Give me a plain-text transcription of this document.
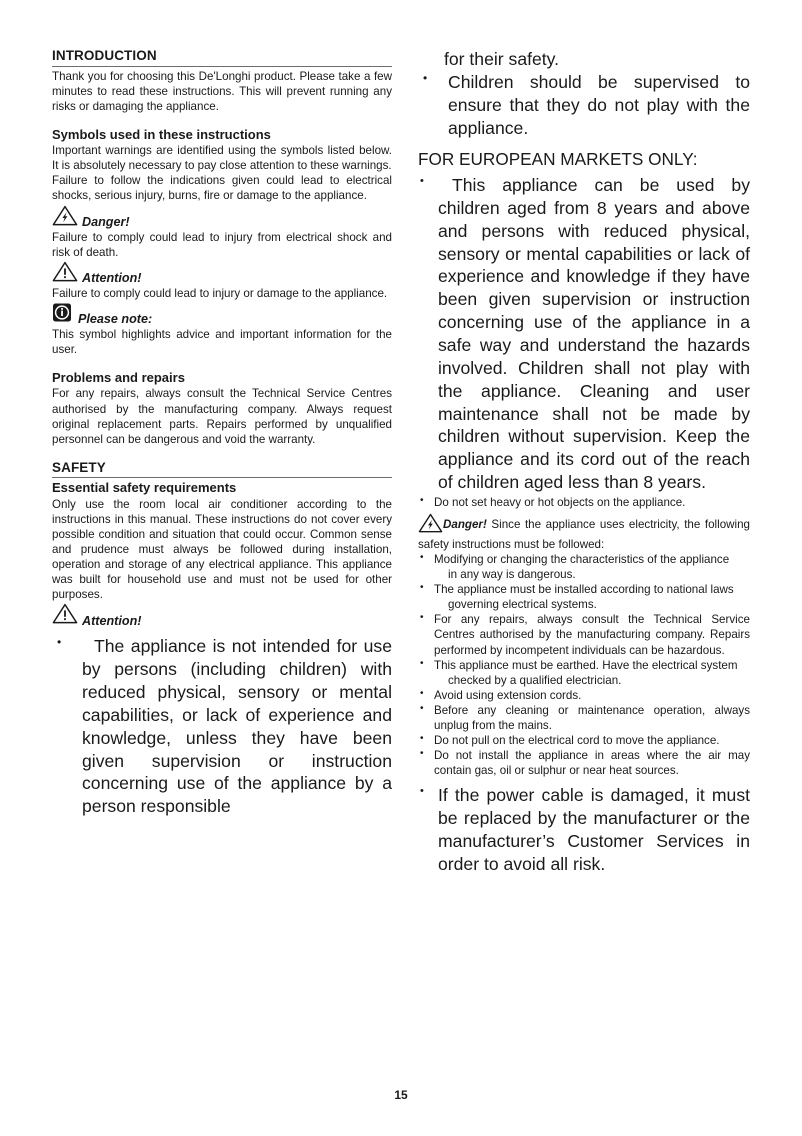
INTRODUCTION
Thank you for choosing this De'Longhi product. Please take a few minutes to read these instructions. This will prevent running any risks or damaging the appliance.
Symbols used in these instructions
Important warnings are identified using the symbols listed below. It is absolutely necessary to pay close attention to these warnings.
Failure to follow the indications given could lead to electrical shocks, serious injury, burns, fire or damage to the appliance.
Danger!
Failure to comply could lead to injury from electrical shock and risk of death.
Attention!
Failure to comply could lead to injury or damage to the appliance.
Please note:
This symbol highlights advice and important information for the user.
Problems and repairs
For any repairs, always consult the Technical Service Centres authorised by the manufacturing company. Always request original replacement parts. Repairs performed by unqualified personnel can be dangerous and void the warranty.
SAFETY
Essential safety requirements
Only use the room local air conditioner according to the instructions in this manual. These instructions do not cover every possible condition and situation that could occur. Common sense and prudence must always be followed during installation, operation and storage of any electrical appliance. This appliance was built for household use and must not be used for other purposes.
Attention!
• The appliance is not intended for use by persons (including children) with reduced physical, sensory or mental capabilities, or lack of experience and knowledge, unless they have been given supervision or instruction concerning use of the appliance by a person responsible
for their safety.
• Children should be supervised to ensure that they do not play with the appliance.
FOR EUROPEAN MARKETS ONLY:
• This appliance can be used by children aged from 8 years and above and persons with reduced physical, sensory or mental capabilities or lack of experience and knowledge if they have been given supervision or instruction concerning use of the appliance in a safe way and understand the hazards involved. Children shall not play with the appliance. Cleaning and user maintenance shall not be made by children without supervision. Keep the appliance and its cord out of the reach of children aged less than 8 years.
• Do not set heavy or hot objects on the appliance.
Danger! Since the appliance uses electricity, the following safety instructions must be followed:
• Modifying or changing the characteristics of the appliance
in any way is dangerous.
• The appliance must be installed according to national laws
governing electrical systems.
• For any repairs, always consult the Technical Service Centres authorised by the manufacturing company. Repairs performed by incompetent individuals can be hazardous.
• This appliance must be earthed. Have the electrical system
checked by a qualified electrician.
• Avoid using extension cords.
• Before any cleaning or maintenance operation, always unplug from the mains.
• Do not pull on the electrical cord to move the appliance.
• Do not install the appliance in areas where the air may contain gas, oil or sulphur or near heat sources.
• If the power cable is damaged, it must be replaced by the manufacturer or the manufacturer’s Customer Services in order to avoid all risk.
15
